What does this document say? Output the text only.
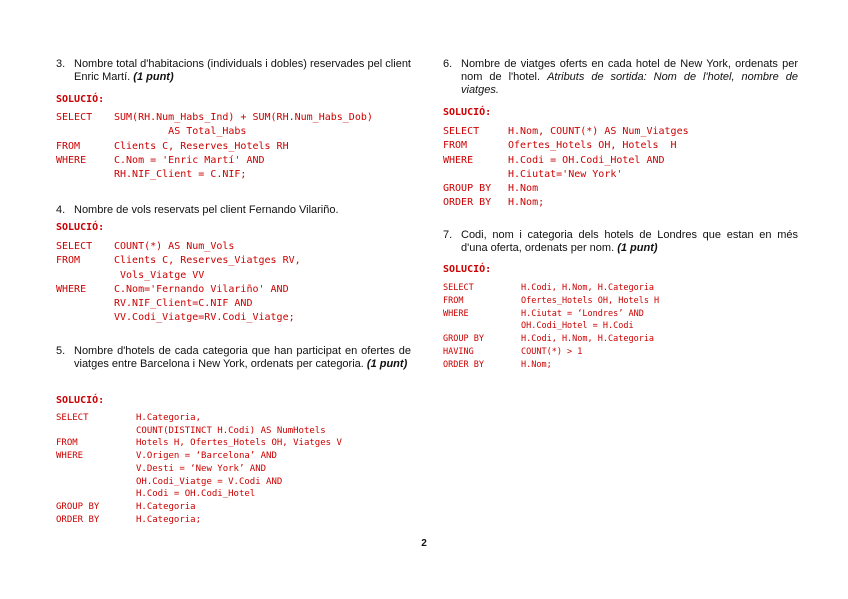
3. Nombre total d'habitacions (individuals i dobles) reservades pel client Enric Martí. (1 punt)
SOLUCIÓ:
SELECT SUM(RH.Num_Habs_Ind) + SUM(RH.Num_Habs_Dob)
AS Total_Habs
FROM	Clients C, Reserves_Hotels RH
WHERE	C.Nom = 'Enric Martí' AND
RH.NIF_Client = C.NIF;
4. Nombre de vols reservats pel client Fernando Vilariño.
SOLUCIÓ:
SELECT COUNT(*) AS Num_Vols
FROM	Clients C, Reserves_Viatges RV,
Vols_Viatge VV
WHERE	C.Nom='Fernando Vilariño' AND
RV.NIF_Client=C.NIF AND
VV.Codi_Viatge=RV.Codi_Viatge;
5. Nombre d'hotels de cada categoria que han participat en ofertes de viatges entre Barcelona i New York, ordenats per categoria. (1 punt)
SOLUCIÓ:
SELECT	H.Categoria,
COUNT(DISTINCT H.Codi) AS NumHotels
FROM	Hotels H, Ofertes_Hotels OH, Viatges V
WHERE	V.Origen = ‘Barcelona’ AND
V.Desti = ‘New York’ AND
OH.Codi_Viatge = V.Codi AND
H.Codi = OH.Codi_Hotel
GROUP BY	H.Categoria
ORDER BY	H.Categoria;
6. Nombre de viatges oferts en cada hotel de New York, ordenats per nom de l'hotel. Atributs de sortida: Nom de l'hotel, nombre de viatges.
SOLUCIÓ:
SELECT	H.Nom, COUNT(*) AS Num_Viatges
FROM	Ofertes_Hotels OH, Hotels  H
WHERE	H.Codi = OH.Codi_Hotel AND
H.Ciutat='New York'
GROUP BY H.Nom
ORDER BY H.Nom;
7. Codi, nom i categoria dels hotels de Londres que estan en més d'una oferta, ordenats per nom. (1 punt)
SOLUCIÓ:
SELECT	H.Codi, H.Nom, H.Categoria
FROM	Ofertes_Hotels OH, Hotels H
WHERE	H.Ciutat = ‘Londres’ AND
OH.Codi_Hotel = H.Codi
GROUP BY	H.Codi, H.Nom, H.Categoria
HAVING	COUNT(*) > 1
ORDER BY	H.Nom;
2
